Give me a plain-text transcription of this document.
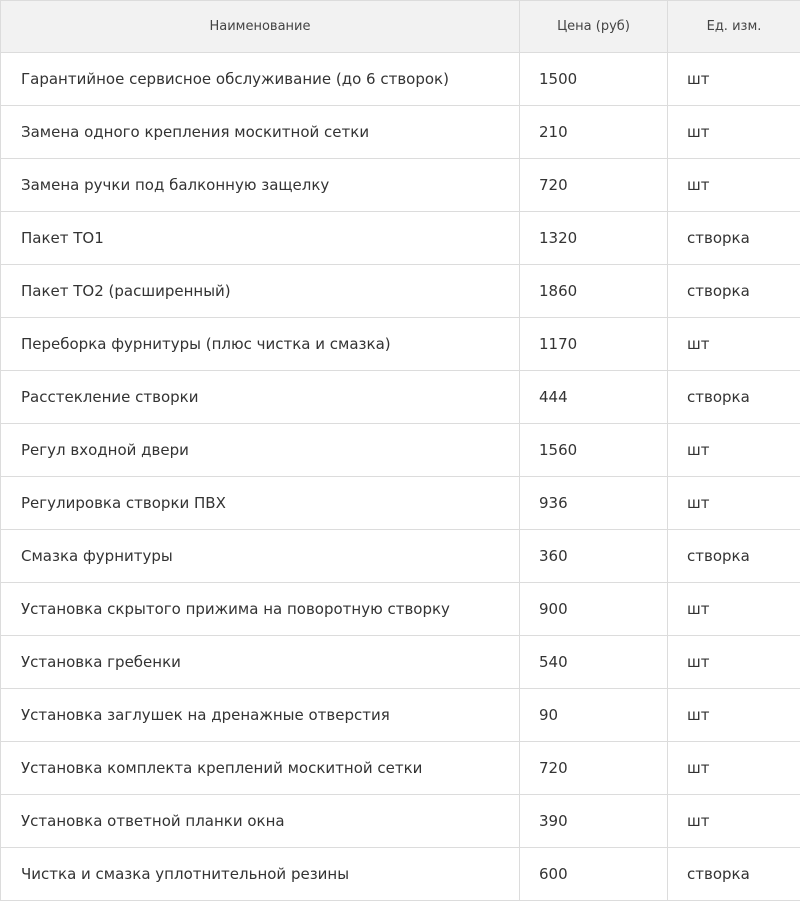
Наименование	Цена (руб)	Ед. изм.
Гарантийное сервисное обслуживание (до 6 створок)	1500	шт
Замена одного крепления москитной сетки	210	шт
Замена ручки под балконную защелку	720	шт
Пакет ТО1	1320	створка
Пакет ТО2 (расширенный)	1860	створка
Переборка фурнитуры (плюс чистка и смазка)	1170	шт
Расстекление створки	444	створка
Регул входной двери	1560	шт
Регулировка створки ПВХ	936	шт
Смазка фурнитуры	360	створка
Установка скрытого прижима на поворотную створку	900	шт
Установка гребенки	540	шт
Установка заглушек на дренажные отверстия	90	шт
Установка комплекта креплений москитной сетки	720	шт
Установка ответной планки окна	390	шт
Чистка и смазка уплотнительной резины	600	створка
